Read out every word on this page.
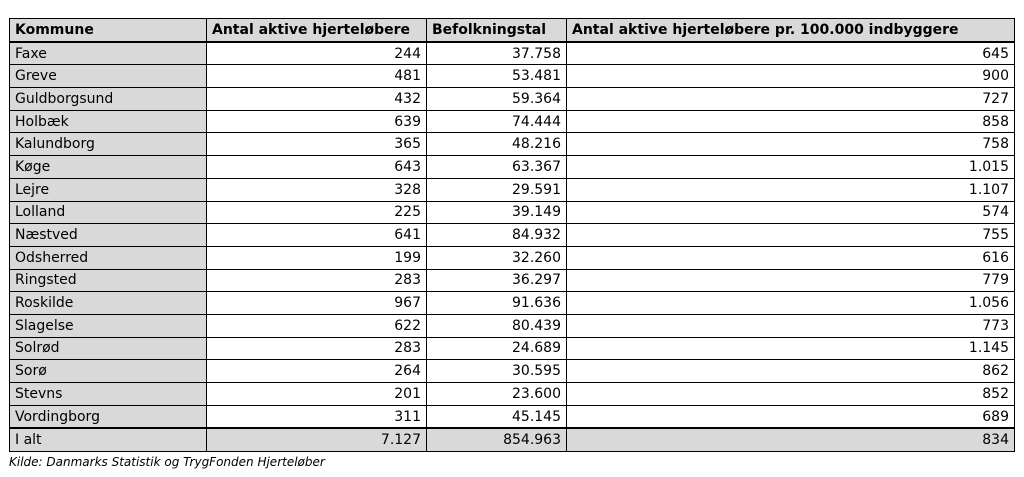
Kommune	Antal aktive hjerteløbere	Befolkningstal	Antal aktive hjerteløbere pr. 100.000 indbyggere
Faxe	244	37.758	645
Greve	481	53.481	900
Guldborgsund	432	59.364	727
Holbæk	639	74.444	858
Kalundborg	365	48.216	758
Køge	643	63.367	1.015
Lejre	328	29.591	1.107
Lolland	225	39.149	574
Næstved	641	84.932	755
Odsherred	199	32.260	616
Ringsted	283	36.297	779
Roskilde	967	91.636	1.056
Slagelse	622	80.439	773
Solrød	283	24.689	1.145
Sorø	264	30.595	862
Stevns	201	23.600	852
Vordingborg	311	45.145	689
I alt	7.127	854.963	834
Kilde: Danmarks Statistik og TrygFonden Hjerteløber
